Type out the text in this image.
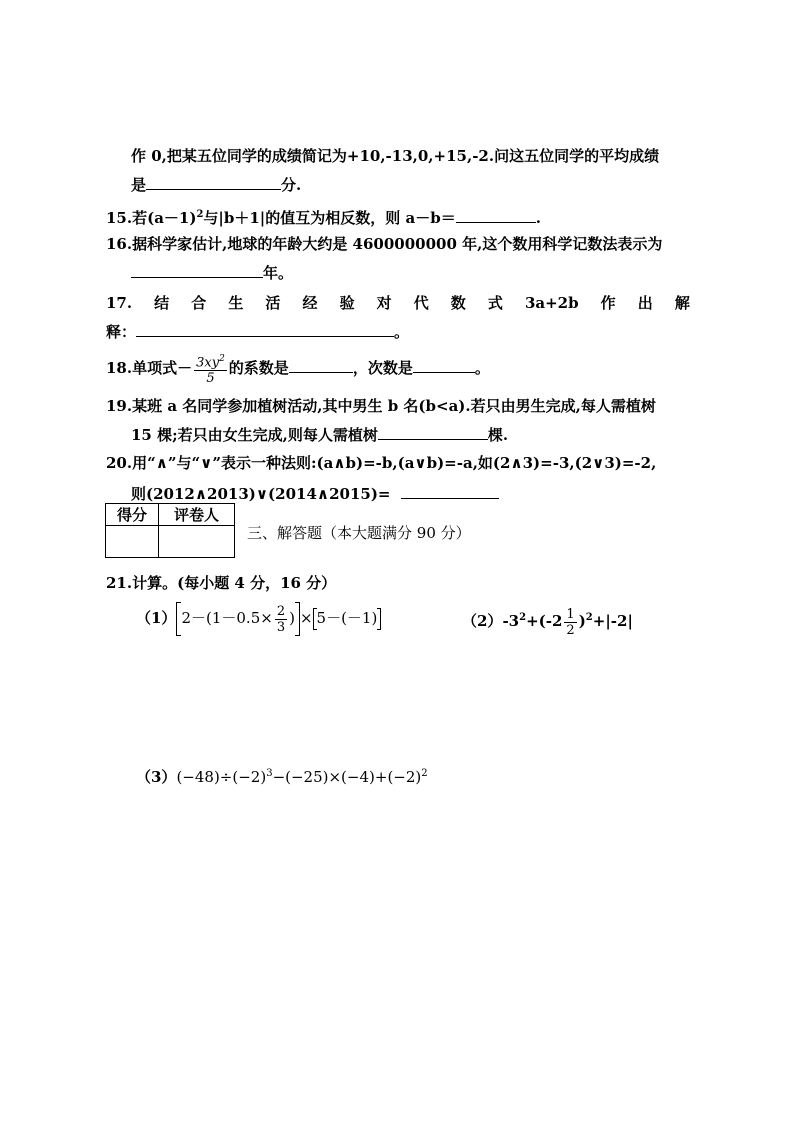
作 0,把某五位同学的成绩简记为+10,-13,0,+15,-2.问这五位同学的平均成绩
是	分.
15.若$(a-1)^2$与|b＋1|的值互为相反数，则 a－b＝	.
16.据科学家估计,地球的年龄大约是 4600000000 年,这个数用科学记数法表示为
年。
17. 结 合 生 活 经 验 对 代 数 式 3a+2b 作 出 解
释：	。
18.单项式－ $\frac{3xy^2}{5}$ 的系数是	，次数是	。
19.某班 a 名同学参加植树活动,其中男生 b 名(b<a).若只由男生完成,每人需植树
15 棵;若只由女生完成,则每人需植树	棵.
20.用“∧”与“∨”表示一种法则:(a∧b)=-b,(a∨b)=-a,如(2∧3)=-3,(2∨3)=-2,
则(2012∧2013)∨(2014∧2015)=
得分	评卷人

三、解答题（本大题满分 90 分）
21.计算。(每小题 4 分，16 分）
（1） $2-(1-0.5\times \frac{2}{3}$ ) × 5－(－1)	$(2)-3^2+(-2 \frac{1}{2} )^2+|-2|$
$(3)(-48)\div(-2)^3-(-25)\times(-4)+(-2)^2$
